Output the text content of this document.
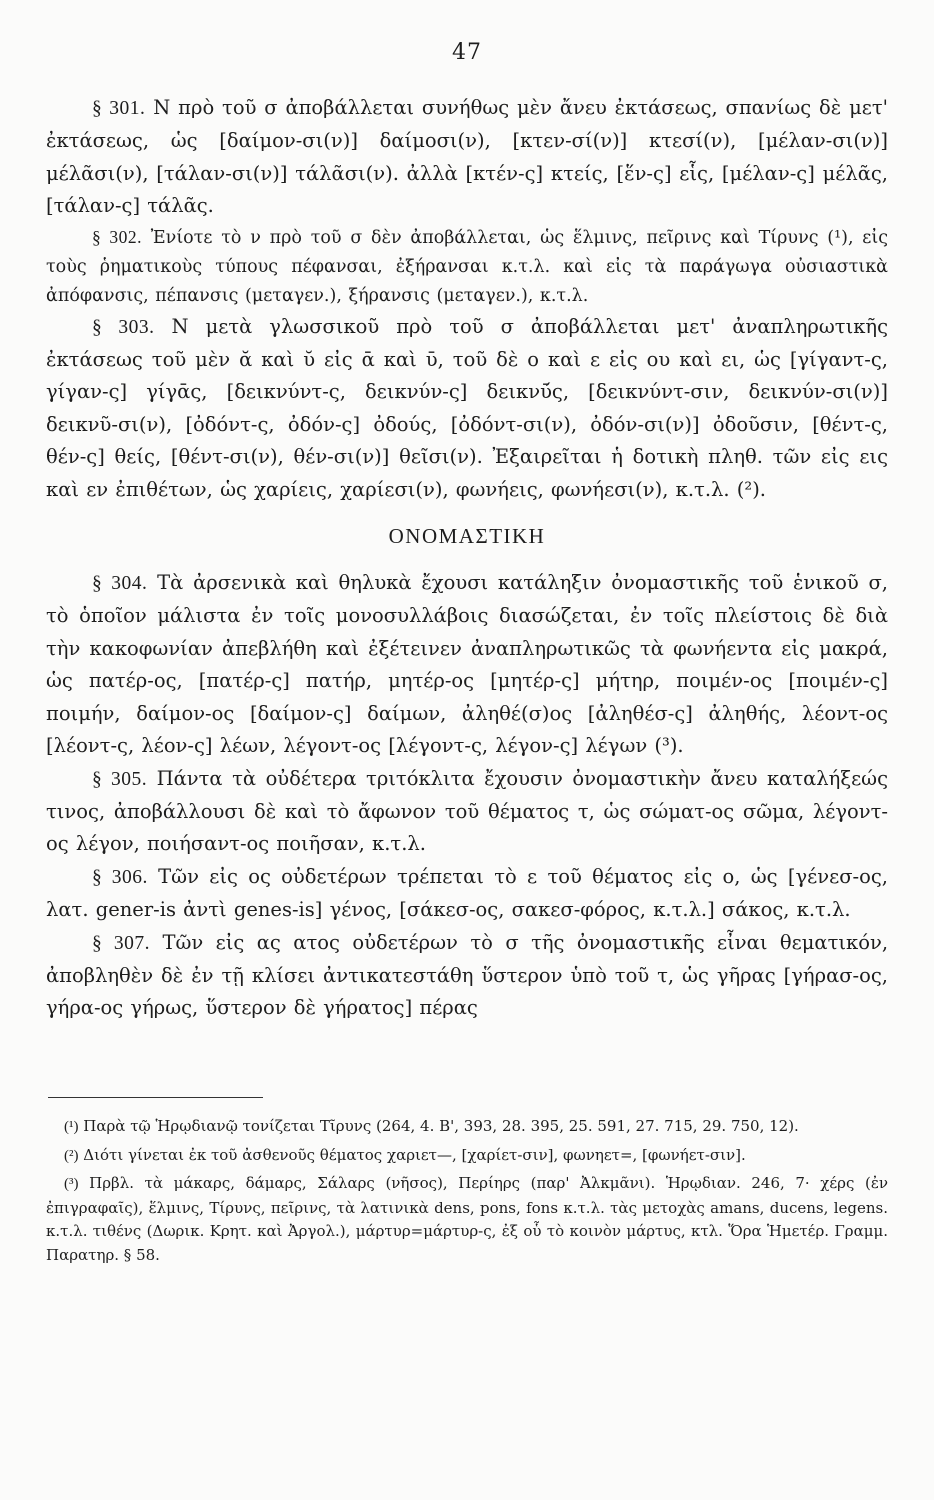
47

§ 301. Ν πρὸ τοῦ σ ἀποβάλλεται συνήθως μὲν ἄνευ ἐκτάσεως, σπανίως δὲ μετ' ἐκτάσεως, ὡς [δαίμον-σι(ν)] δαίμοσι(ν), [κτεν-σί(ν)] κτεσί(ν), [μέλαν-σι(ν)] μέλᾶσι(ν), [τάλαν-σι(ν)] τάλᾶσι(ν). ἀλλὰ [κτέν-ς] κτείς, [ἕν-ς] εἷς, [μέλαν-ς] μέλᾶς, [τάλαν-ς] τάλᾶς.

§ 302. Ἐνίοτε τὸ ν πρὸ τοῦ σ δὲν ἀποβάλλεται, ὡς ἕλμινς, πεῖρινς καὶ Τίρυνς (¹), εἰς τοὺς ῥηματικοὺς τύπους πέφανσαι, ἐξήρανσαι κ.τ.λ. καὶ εἰς τὰ παράγωγα οὐσιαστικὰ ἀπόφανσις, πέπανσις (μεταγεν.), ξήρανσις (μεταγεν.), κ.τ.λ.

§ 303. Ν μετὰ γλωσσικοῦ πρὸ τοῦ σ ἀποβάλλεται μετ' ἀναπληρωτικῆς ἐκτάσεως τοῦ μὲν ᾰ καὶ ῠ εἰς ᾱ καὶ ῡ, τοῦ δὲ ο καὶ ε εἰς ου καὶ ει, ὡς [γίγαντ-ς, γίγαν-ς] γίγᾱς, [δεικνύντ-ς, δεικνύν-ς] δεικνῡ́ς, [δεικνύντ-σιν, δεικνύν-σι(ν)] δεικνῦ-σι(ν), [ὀδόντ-ς, ὀδόν-ς] ὀδούς, [ὀδόντ-σι(ν), ὀδόν-σι(ν)] ὀδοῦσιν, [θέντ-ς, θέν-ς] θείς, [θέντ-σι(ν), θέν-σι(ν)] θεῖσι(ν). Ἐξαιρεῖται ἡ δοτικὴ πληθ. τῶν εἰς εις καὶ εν ἐπιθέτων, ὡς χαρίεις, χαρίεσι(ν), φωνήεις, φωνήεσι(ν), κ.τ.λ. (²).

ΟΝΟΜΑΣΤΙΚΗ

§ 304. Τὰ ἀρσενικὰ καὶ θηλυκὰ ἔχουσι κατάληξιν ὀνομαστικῆς τοῦ ἑνικοῦ σ, τὸ ὁποῖον μάλιστα ἐν τοῖς μονοσυλλάβοις διασώζεται, ἐν τοῖς πλείστοις δὲ διὰ τὴν κακοφωνίαν ἀπεβλήθη καὶ ἐξέτεινεν ἀναπληρωτικῶς τὰ φωνήεντα εἰς μακρά, ὡς πατέρ-ος, [πατέρ-ς] πατήρ, μητέρ-ος [μητέρ-ς] μήτηρ, ποιμέν-ος [ποιμέν-ς] ποιμήν, δαίμον-ος [δαίμον-ς] δαίμων, ἀληθέ(σ)ος [ἀληθέσ-ς] ἀληθής, λέοντ-ος [λέοντ-ς, λέον-ς] λέων, λέγοντ-ος [λέγοντ-ς, λέγον-ς] λέγων (³).

§ 305. Πάντα τὰ οὐδέτερα τριτόκλιτα ἔχουσιν ὀνομαστικὴν ἄνευ καταλήξεώς τινος, ἀποβάλλουσι δὲ καὶ τὸ ἄφωνον τοῦ θέματος τ, ὡς σώματ-ος σῶμα, λέγοντ-ος λέγον, ποιήσαντ-ος ποιῆσαν, κ.τ.λ.

§ 306. Τῶν εἰς ος οὐδετέρων τρέπεται τὸ ε τοῦ θέματος εἰς ο, ὡς [γένεσ-ος, λατ. gener-is ἀντὶ genes-is] γένος, [σάκεσ-ος, σακεσ-φόρος, κ.τ.λ.] σάκος, κ.τ.λ.

§ 307. Τῶν εἰς ας ατος οὐδετέρων τὸ σ τῆς ὀνομαστικῆς εἶναι θεματικόν, ἀποβληθὲν δὲ ἐν τῇ κλίσει ἀντικατεστάθη ὕστερον ὑπὸ τοῦ τ, ὡς γῆρας [γήρασ-ος, γήρα-ος γήρως, ὕστερον δὲ γήρατος] πέρας

(¹) Παρὰ τῷ Ἡρῳδιανῷ τονίζεται Τῖρυνς (264, 4. Β', 393, 28. 395, 25. 591, 27. 715, 29. 750, 12).

(²) Διότι γίνεται ἐκ τοῦ ἀσθενοῦς θέματος χαριετ—, [χαρίετ-σιν], φωνηετ=, [φωνήετ-σιν].

(³) Πρβλ. τὰ μάκαρς, δάμαρς, Σάλαρς (νῆσος), Περίηρς (παρ' Ἀλκμᾶνι). Ἡρῳδιαν. 246, 7· χέρς (ἐν ἐπιγραφαῖς), ἕλμινς, Τίρυνς, πεῖρινς, τὰ λατινικὰ dens, pons, fons κ.τ.λ. τὰς μετοχὰς amans, ducens, legens. κ.τ.λ. τιθένς (Δωρικ. Κρητ. καὶ Ἀργολ.), μάρτυρ=μάρτυρ-ς, ἐξ οὗ τὸ κοινὸν μάρτυς, κτλ. Ὅρα Ἡμετέρ. Γραμμ. Παρατηρ. § 58.
